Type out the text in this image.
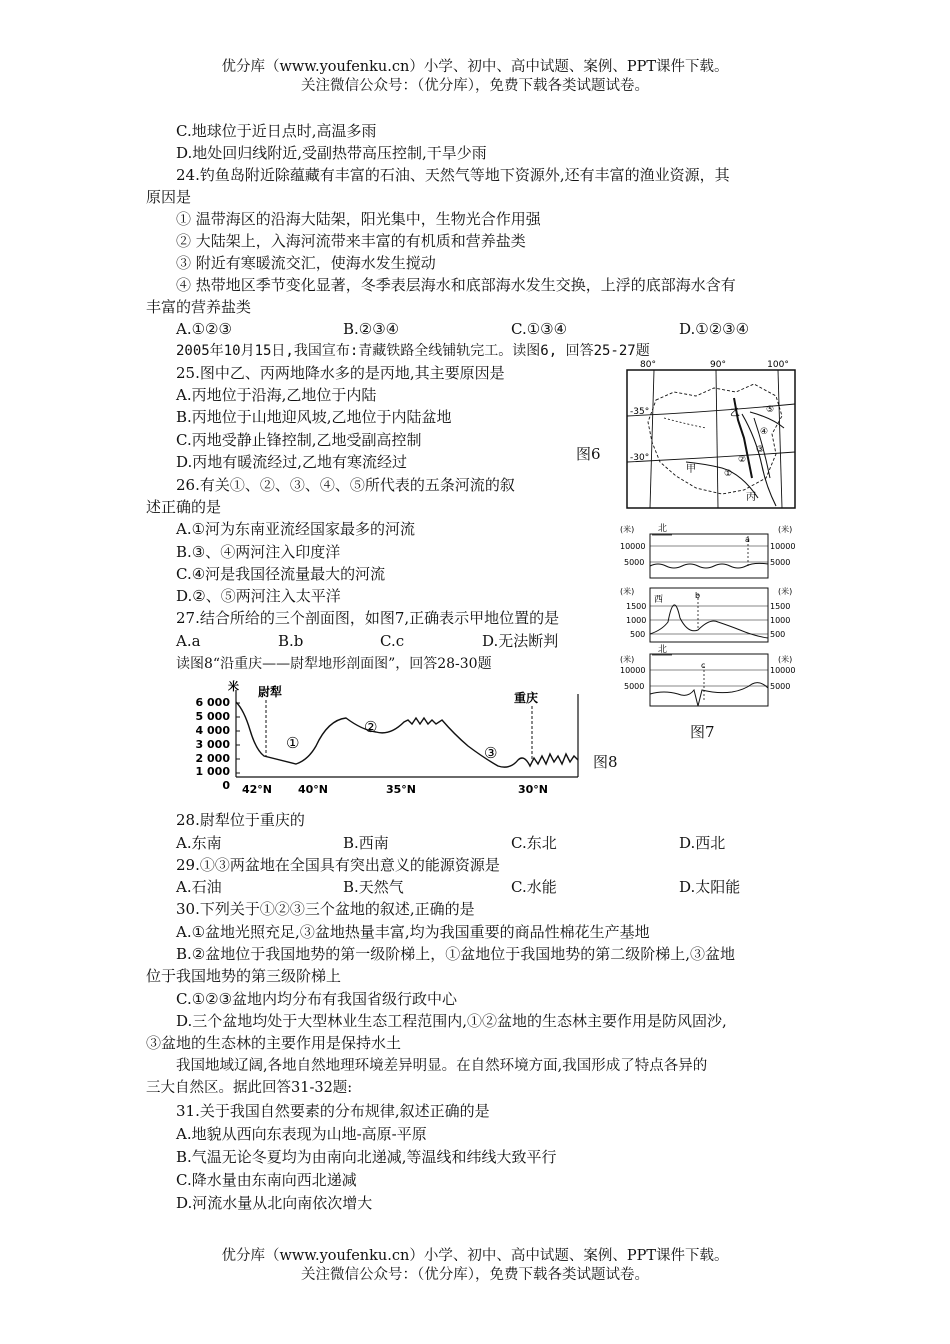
优分库（www.youfenku.cn）小学、初中、高中试题、案例、PPT课件下载。
关注微信公众号：（优分库），免费下载各类试题试卷。
C.地球位于近日点时,高温多雨
D.地处回归线附近,受副热带高压控制,干旱少雨
24.钓鱼岛附近除蕴藏有丰富的石油、天然气等地下资源外,还有丰富的渔业资源，其
原因是
① 温带海区的沿海大陆架，阳光集中，生物光合作用强
② 大陆架上，入海河流带来丰富的有机质和营养盐类
③ 附近有寒暖流交汇，使海水发生搅动
④ 热带地区季节变化显著，冬季表层海水和底部海水发生交换，上浮的底部海水含有
丰富的营养盐类
A.①②③	B.②③④	C.①③④	D.①②③④
2005年10月15日,我国宣布:青藏铁路全线铺轨完工。读图6, 回答25-27题
25.图中乙、丙两地降水多的是丙地,其主要原因是
A.丙地位于沿海,乙地位于内陆
B.丙地位于山地迎风坡,乙地位于内陆盆地
C.丙地受静止锋控制,乙地受副高控制
D.丙地有暖流经过,乙地有寒流经过
26.有关①、②、③、④、⑤所代表的五条河流的叙
述正确的是
A.①河为东南亚流经国家最多的河流
B.③、④两河注入印度洋
C.④河是我国径流量最大的河流
D.②、⑤两河注入太平洋
27.结合所给的三个剖面图，如图7,正确表示甲地位置的是
A.a	B.b	C.c	D.无法断判
读图8“沿重庆——尉犁地形剖面图”，回答28-30题
80°	90°	100°
-35°
-30°
乙
甲
丙
①
②
③
④
⑤
图6
(米)	(米)
北
a
10000
5000
10000
5000
(米)	(米)
西	b
1500
1000
500
1500
1000
500
(米)	(米)
北
c
10000
5000
10000
5000
图7
米
6 000
5 000
4 000
3 000
2 000
1 000
0
尉犁	重庆
①
②
③
42°N 40°N	35°N	30°N
图8
28.尉犁位于重庆的
A.东南	B.西南	C.东北	D.西北
29.①③两盆地在全国具有突出意义的能源资源是
A.石油	B.天然气	C.水能	D.太阳能
30.下列关于①②③三个盆地的叙述,正确的是
A.①盆地光照充足,③盆地热量丰富,均为我国重要的商品性棉花生产基地
B.②盆地位于我国地势的第一级阶梯上，①盆地位于我国地势的第二级阶梯上,③盆地
位于我国地势的第三级阶梯上
C.①②③盆地内均分布有我国省级行政中心
D.三个盆地均处于大型林业生态工程范围内,①②盆地的生态林主要作用是防风固沙,
③盆地的生态林的主要作用是保持水土
我国地域辽阔,各地自然地理环境差异明显。在自然环境方面,我国形成了特点各异的
三大自然区。据此回答31-32题:
31.关于我国自然要素的分布规律,叙述正确的是
A.地貌从西向东表现为山地-高原-平原
B.气温无论冬夏均为由南向北递减,等温线和纬线大致平行
C.降水量由东南向西北递减
D.河流水量从北向南依次增大
优分库（www.youfenku.cn）小学、初中、高中试题、案例、PPT课件下载。
关注微信公众号：（优分库），免费下载各类试题试卷。
